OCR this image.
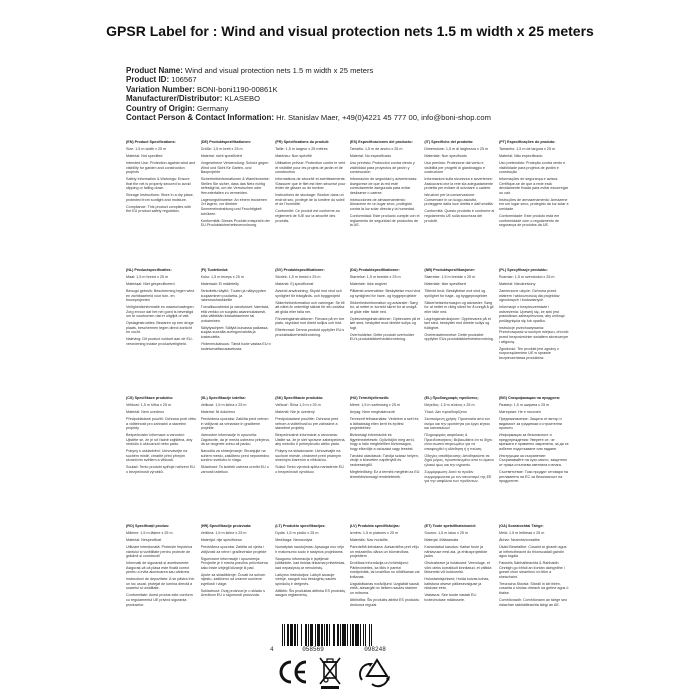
GPSR Label for : Wind and visual protection nets 1.5 m width x 25 meters
Product Name: Wind and visual protection nets 1.5 m width x 25 meters
Product ID: 106567
Variation Number: BONI-boni1190-00861K
Manufacturer/Distributor: KLASEBO
Country of Origin: Germany
Contact Person & Contact Information: Hr. Stanislav Maer, +49(0)4221 45 777 00, info@boni-shop.com

(EN) Product Specifications:

Size: 1.5 m width x 25 m

Material: Not specified

Intended Use: Protection against wind and visibility for garden and construction projects

Safety Information & Warnings: Ensure that the net is properly secured to avoid slipping or falling down.

Storage Instructions: Store in a dry place, protected from sunlight and moisture.

Compliance: This product complies with the EU product safety regulation.

(DE) Produktspezifikationen:

Größe: 1,5 m breit x 25 m

Material: nicht spezifiziert

Vorgesehene Verwendung: Schutz gegen Wind und Sicht für Garten- und Bauprojekte

Sicherheitsinformationen & Warnhinweise: Stellen Sie sicher, dass das Netz richtig befestigt ist, um ein Verrutschen oder Herunterfallen zu vermeiden.

Lagerungshinweise: An einem trockenen Ort lagern, vor direkter Sonneneinstrahlung und Feuchtigkeit schützen.

Konformität: Dieses Produkt entspricht der EU-Produktsicherheitsverordnung.

(FR) Spécifications du produit:

Taille: 1,5 m largeur x 25 mètres

Matériau: Non spécifié

Utilisation prévue: Protection contre le vent et visibilité pour les projets de jardin et de construction

Informations de sécurité et avertissements: S'assurer que le filet est bien sécurisé pour éviter de glisser ou de tomber.

Instructions de stockage: Stocker dans un endroit sec, protégé de la lumière du soleil et de l'humidité.

Conformité: Ce produit est conforme au règlement de l'UE sur la sécurité des produits.

(ES) Especificaciones del producto:

Tamaño: 1,5 m de ancho x 25 m

Material: No especificado

Uso previsto: Protección contra viento y visibilidad para proyectos de jardín y construcción

Información de seguridad y advertencias: Asegúrese de que la red esté correctamente asegurada para evitar deslizarse o caerse.

Instrucciones de almacenamiento: Almacene en un lugar seco, protegido contra la luz solar directa y la humedad.

Conformidad: Este producto cumple con el reglamento de seguridad de productos de la UE.

(IT) Specifiche del prodotto:

Dimensione: 1,5 m di larghezza x 25 m

Materiale: Non specificato

Uso previsto: Protezione dal vento e visibilità per progetti di giardinaggio e costruzione

Informazioni sulla sicurezza e avvertenze: Assicurarsi che la rete sia adeguatamente protetta per evitare di scivolare o cadere.

Istruzioni per la conservazione: Conservare in un luogo asciutto, proteggere dalla luce diretta e dall'umidità.

Conformità: Questo prodotto è conforme al regolamento UE sulla sicurezza dei prodotti.

(PT) Especificações do produto:

Tamanho: 1,5 m de largura x 25 m

Material: Não especificado

Uso pretendido: Proteção contra vento e visibilidade para projetos de jardim e construção

Informações de segurança e avisos: Certifique-se de que a rede está devidamente fixada para evitar escorregar ou cair.

Instruções de armazenamento: Armazene em um lugar seco, protegido da luz solar e umidade.

Conformidade: Este produto está em conformidade com o regulamento de segurança de produtos da UE.

(NL) Productspecificaties:

Maat: 1,5 m breed x 25 m

Materiaal: Niet gespecificeerd

Beoogd gebruik: Bescherming tegen wind en zichtbaarheid voor tuin- en bouwprojecten

Veiligheidsinformatie en waarschuwingen: Zorg ervoor dat het net goed is bevestigd om te voorkomen dat er uitglijdt of valt.

Opslaginstructies: Bewaren op een droge plaats, beschermen tegen direct zonlicht en vocht.

Naleving: Dit product voldoet aan de EU-verordening inzake productveiligheid.

(FI) Tuotetiedot:

Koko: 1,5 m leveys x 25 m

Materiaali: Ei määritelty

Tarkoitettu käyttö: Tuulen ja näkyvyyden suojaaminen puutarha- ja rakennushankkeille

Turvallisuustiedot ja varoitukset: Varmista, että verkko on suojattu asianmukaisesti, jotta vältetään luiskahtaminen tai putoaminen.

Säilytysohjeet: Säilytä kuivassa paikassa, suojaa suoralta auringonvalolta ja kosteudelta.

Yhdenmukaisuus: Tämä tuote vastaa EU:n tuoteturvallisuusasetusta.

(SV) Produktspecifikationer:

Storlek: 1,5 m bredd x 25 m

Material: Ej specificerat

Avsedd användning: Skydd mot vind och synlighet för trädgårds- och byggprojekt

Säkerhetsinformation och varningar: Se till att nätet är ordentligt säkrat för att undvika att glida eller falla ner.

Förvaringsinstruktioner: Förvara på en torr plats, skyddad mot direkt solljus och fukt.

Efterlevnad: Denna produkt uppfyller EU:s produktsäkerhetsförordning.

(DA) Produktspecifikationer:

Størrelse: 1,5 m bredde x 25 m

Materiale: Ikke angivet

Påtænkt anvendelse: Beskyttelse mod vind og synlighed for have- og byggeprojekter

Sikkerhedsinformation og advarsler: Sørg for, at nettet er korrekt sikret for at undgå at glide eller falde ned.

Opbevaringsinstruktioner: Opbevares på et tørt sted, beskyttet mod direkte sollys og fugt.

Overholdelse: Dette produkt overholder EU's produktsikkerhedsforordning.

(NB) Produktspesifikasjoner:

Størrelse: 1,5 m bredde x 25 m

Materiale: Ikke spesifisert

Tiltenkt bruk: Beskyttelse mot vind og synlighet for hage- og byggeprosjekter

Sikkerhetsinformasjon og advarsler: Sørg for at nettet er riktig sikret for å unngå å gli eller falle ned.

Lagringsinstruksjoner: Oppbevares på et tørt sted, beskyttet mot direkte sollys og fuktighet.

Overensstemmelse: Dette produktet oppfyller EUs produktsikkerhetsforordning.

(PL) Specyfikacje produktu:

Rozmiar: 1,5 m szerokości x 25 m

Materiał: Nieokreślony

Zamierzone użycie: Ochrona przed wiatrem i widocznością dla projektów ogrodowych i budowlanych

Informacje o bezpieczeństwie i ostrzeżenia: Upewnij się, że sieć jest prawidłowo zabezpieczona, aby uniknąć poślizgnięcia się lub upadku.

Instrukcje przechowywania: Przechowywać w suchym miejscu, chronić przed bezpośrednim światłem słonecznym i wilgocią.

Zgodność: Ten produkt jest zgodny z rozporządzeniem UE w sprawie bezpieczeństwa produktów.

(CS) Specifikace produktu:

Velikost: 1,5 m šířka x 25 m

Materiál: Není uvedeno

Předpokládané použití: Ochrana proti větru a viditelnosti pro zahradní a stavební projekty

Bezpečnostní informace a varování: Ujistěte se, že je síť řádně zajištěna, aby nedošlo k uklouznutí nebo pádu.

Pokyny k uskladnění: Uchovávejte na suchém místě, chraňte před přímým slunečním světlem a vlhkostí.

Soulad: Tento produkt splňuje nařízení EU o bezpečnosti výrobků.

(SL) Specifikacije izdelka:

Velikost: 1,5 m širina x 25 m

Material: Ni določeno

Predvidena uporaba: Zaščita pred vetrom in vidljivost za vrtnarske in gradbene projekte

Varnostne informacije in opozorila: Zagotovite, da je mreža ustrezno pritrjena, da se izognete zdrsu ali padcu.

Navodila za shranjevanje: Shranjujte na suhem mestu, zaščiteno pred neposredno sončno svetlobo in vlago.

Skladnost: Ta izdelek ustreza uredbi EU o varnosti izdelkov.

(SK) Špecifikácie produktu:

Veľkosť: Šírka 1,5 m x 25 m

Materiál: Nie je uvedený

Predpokladané použitie: Ochrana pred vetrom a viditeľnosťou pre záhradné a stavebné projekty

Bezpečnostné informácie a varovania: Uistite sa, že je sieť správne zabezpečená, aby nedošlo k pošmyknutiu alebo pádu.

Pokyny na skladovanie: Uchovávajte na suchom mieste, chránené pred priamym slnečným žiarením a vlhkosťou.

Súlad: Tento výrobok spĺňa nariadenie EÚ o bezpečnosti výrobkov.

(HU) Termékjellemzők:

Méret: 1,5 m szélesség x 25 m

Anyag: Nem meghatározott

Tervezett felhasználás: Védelem a szél és a láthatóság ellen kerti és építési projektekhez

Biztonsági információk és figyelmeztetések: Győződjön meg arról, hogy a háló megfelelően biztonságos, hogy elkerülje a csúszást vagy leesést.

Tárolási utasítások: Tárolja száraz helyen, védje a közvetlen napfénytől és nedvességtől.

Megfelelőség: Ez a termék megfelel az EU termékbiztonsági rendeletének.

(EL) Προδιαγραφές προϊόντος:

Μέγεθος: 1,5 m πλάτος x 25 m

Υλικό: Δεν προσδιορίζεται

Σκοπούμενη χρήση: Προστασία από τον άνεμο και την ορατότητα για έργα κήπου και κατασκευών

Πληροφορίες ασφάλειας & Προειδοποιήσεις: Βεβαιωθείτε ότι το δίχτυ είναι σωστά στερεωμένο για να αποφευχθεί η ολίσθηση ή η πτώση.

Οδηγίες αποθήκευσης: Αποθηκεύστε σε ξηρό μέρος, προστατευμένο από το άμεσο ηλιακό φως και την υγρασία.

Συμμόρφωση: Αυτό το προϊόν συμμορφώνεται με τον κανονισμό της ΕΕ για την ασφάλεια των προϊόντων.

(BG) Спецификации на продукта:

Размер: 1,5 m ширина x 25 m

Материал: Не е посочен

Предназначение: Защита от вятър и видимост за градински и строителни проекти

Информация за безопасност и предупреждения: Уверете се, че мрежата е правилно закрепена, за да се избегне подхлъзване или падане.

Инструкции за съхранение: Съхранявайте на сухо място, защитено от пряка слънчева светлина и влага.

Съответствие: Този продукт отговаря на регламента на ЕС за безопасност на продуктите.

(RO) Specificații produs:

Mărime: 1,5 m lățime x 25 m

Material: Nespecificat

Utilizare intenționată: Protecție împotriva vântului și vizibilitate pentru proiecte de grădină și construcții

Informații de siguranță și avertismente: Asigurați-vă că plasa este fixată corect pentru a evita alunecarea sau căderea.

Instrucțiuni de depozitare: A se păstra într-un loc uscat, protejat de lumina directă a soarelui și umiditate.

Conformitate: Acest produs este conform cu regulamentul UE privind siguranța produselor.

(HR) Specifikacije proizvoda:

Veličina: 1,5 m širine x 25 m

Materijal: nije specificiran

Predviđena uporaba: Zaštita od vjetra i vidljivosti za vrtne i građevinske projekte

Sigurnosne informacije i upozorenja: Provjerite je li mreža pravilno pričvršćena kako biste izbjegli klizanje ili pad.

Upute za skladištenje: Čuvati na suhom mjestu, zaštićeno od izravne sunčeve svjetlosti i vlage.

Sukladnost: Ovaj proizvod je u skladu s Uredbom EU o sigurnosti proizvoda.

(LT) Produkto specifikacijos:

Dydis: 1,5 m pločio x 25 m

Medžiaga: Nenurodyta

Numatytas naudojimas: Apsauga nuo vėjo ir matomumo sodo ir statybos projektams

Saugumo informacija ir įspėjimai: Įsitikinkite, kad tinklas tinkamai pritvirtintas, kad nepaslystų ar nenukristų.

Laikymo instrukcijos: Laikyti sausoje vietoje, saugoti nuo tiesioginių saulės spindulių ir drėgmės.

Atitiktis: Šis produktas atitinka ES produktų saugos reglamentą.

(LV) Produkta specifikācijas:

Izmērs: 1,5 m platums x 25 m

Materiāls: Nav norādīts

Paredzētā lietošana: Aizsardzība pret vēju un redzamību dārza un būvniecības projektiem

Drošības informācija un brīdinājumi: Pārliecinieties, ka tīkls ir pareizi nostiprināts, lai izvairītos no slīdēšanas vai krišanas.

Uzglabāšanas norādījumi: Uzglabāt sausā vietā, aizsargāt no tiešiem saules stariem un mitruma.

Atbilstība: Šis produkts atbilst ES produktu drošuma regulai.

(ET) Toote spetsifikatsioonid:

Suurus: 1,5 m laius x 25 m

Materjal: Määramata

Kavandatud kasutus: Kaitse tuule ja nähtavuse eest aia- ja ehitusprojektide jaoks

Ohutusteave ja hoiatused: Veenduge, et võrk oleks korralikult kinnitatud, et vältida libisemist või kukkumist.

Hoiustamisjuhised: Hoida kuivas kohas, kaitstuna otsese päikesevalguse ja niiskuse eest.

Vastavus: See toode vastab ELi tooteohutuse määrusele.

(GA) Sonraíochtaí Táirge:

Méid: 1.5 m leithead x 25 m

Ábhar: Neamhshonraithe

Úsáid Beartaithe: Cosaint ar ghaoth agus ar infheictheacht do thionscadail gairdín agus tógála

Faisnéis Sábháilteachta & Rabhaidh: Cinntigh go bhfuil an líontán daingnithe i gceart chun sleamhnú nó titim a sheachaint.

Treoracha Stórála: Stóráil in áit thirim, cosanta ó sholas díreach na gréine agus ó thaise.

Comhlíonadh: Comhlíonann an táirge seo rialachán sábháilteachta táirgí an AE.

4	058569	098248
